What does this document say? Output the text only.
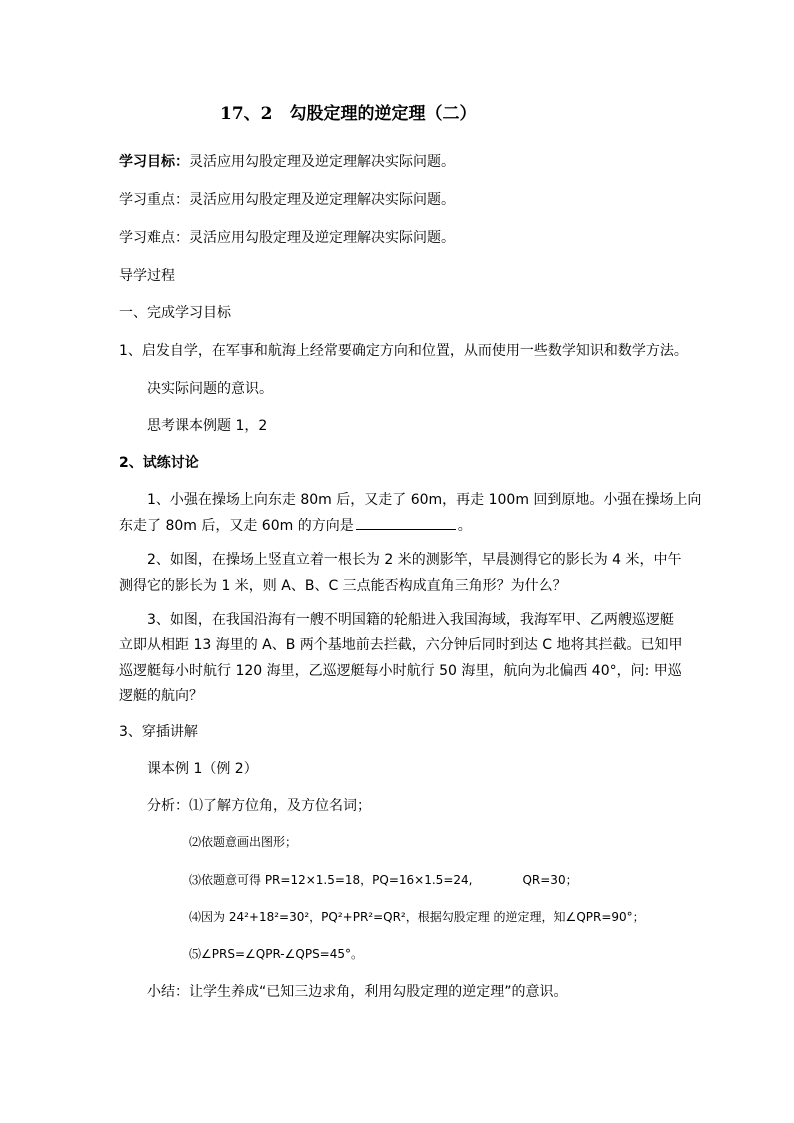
17、2　勾股定理的逆定理（二）
学习目标：灵活应用勾股定理及逆定理解决实际问题。
学习重点：灵活应用勾股定理及逆定理解决实际问题。
学习难点：灵活应用勾股定理及逆定理解决实际问题。
导学过程
一、完成学习目标
1、启发自学，在军事和航海上经常要确定方向和位置，从而使用一些数学知识和数学方法。
决实际问题的意识。
思考课本例题 1，2
2、试练讨论
1、小强在操场上向东走 80m 后，又走了 60m，再走 100m 回到原地。小强在操场上向
东走了 80m 后，又走 60m 的方向是	。
2、如图，在操场上竖直立着一根长为 2 米的测影竿，早晨测得它的影长为 4 米，中午
测得它的影长为 1 米，则 A、B、C 三点能否构成直角三角形？为什么？
3、如图，在我国沿海有一艘不明国籍的轮船进入我国海域，我海军甲、乙两艘巡逻艇
立即从相距 13 海里的 A、B 两个基地前去拦截，六分钟后同时到达 C 地将其拦截。已知甲
巡逻艇每小时航行 120 海里，乙巡逻艇每小时航行 50 海里，航向为北偏西 40°，问: 甲巡
逻艇的航向？
3、穿插讲解
课本例 1（例 2）
分析：⑴了解方位角，及方位名词；
⑵依题意画出图形；
⑶依题意可得 PR=12×1.5=18，PQ=16×1.5=24,	QR=30；
⑷因为 24²+18²=30²，PQ²+PR²=QR²，根据勾股定理 的逆定理，知∠QPR=90°；
⑸∠PRS=∠QPR-∠QPS=45°。
小结：让学生养成“已知三边求角，利用勾股定理的逆定理”的意识。
